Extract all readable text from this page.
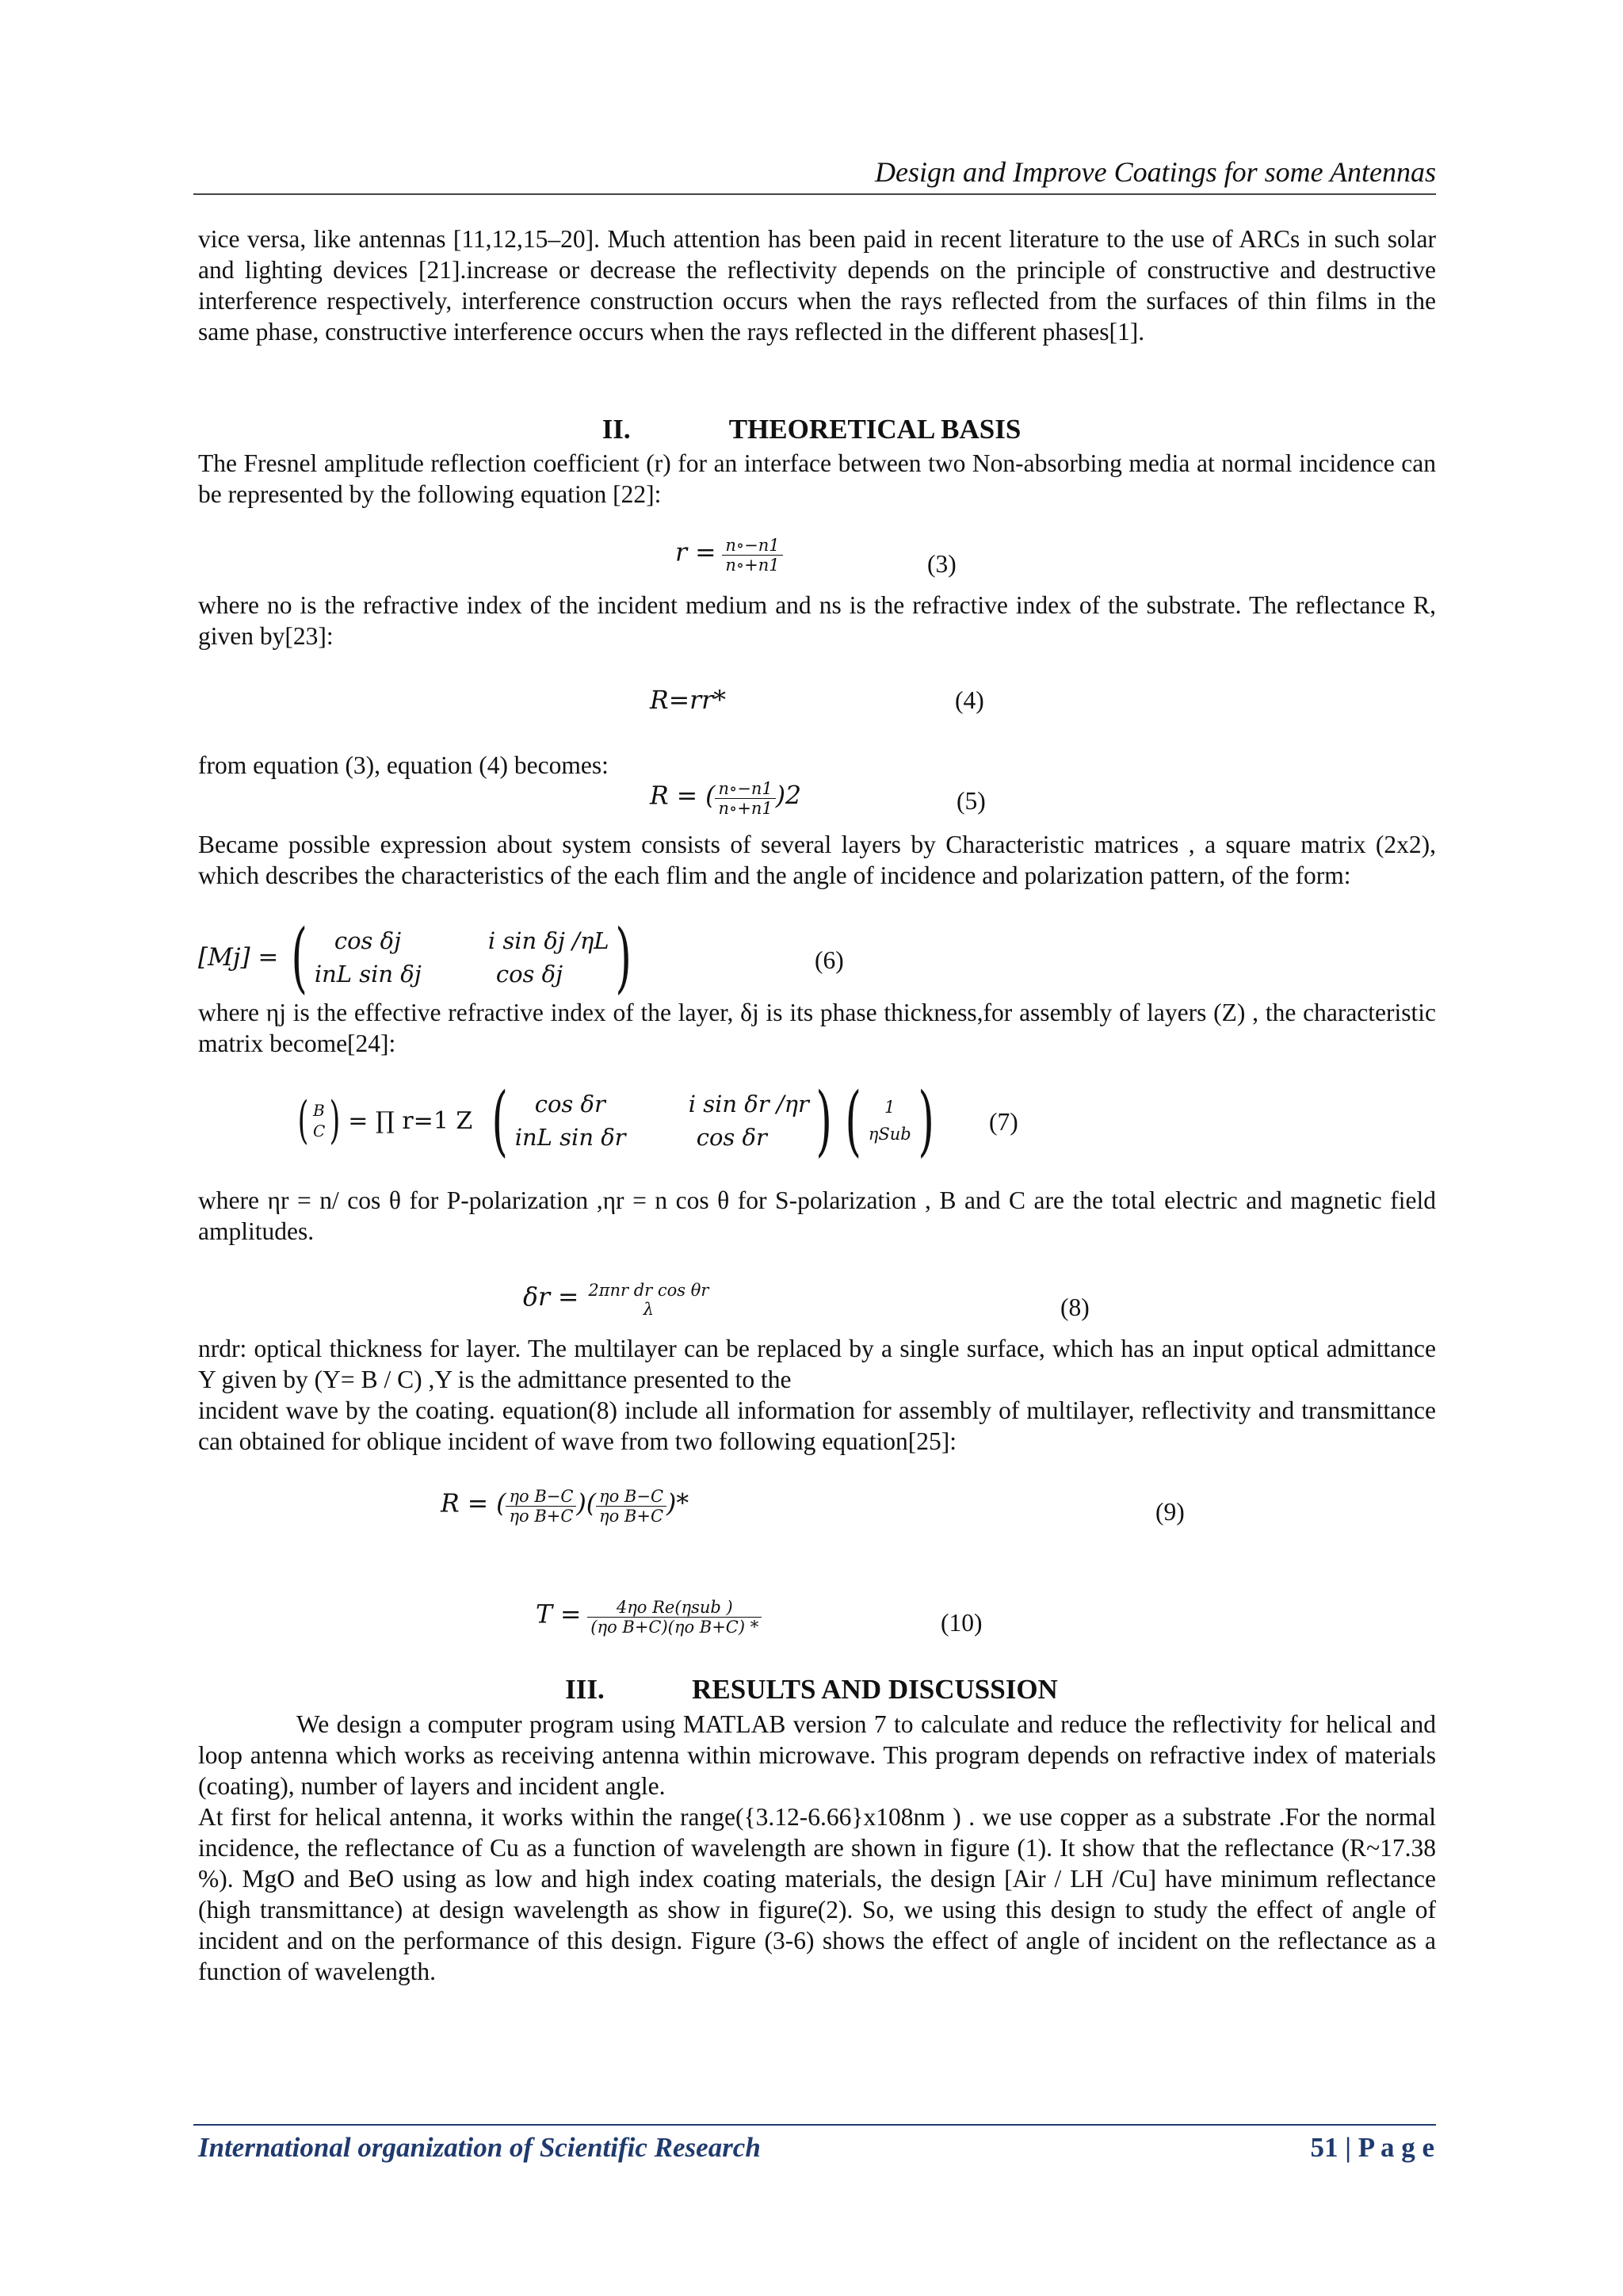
Design and Improve Coatings for some Antennas

vice versa, like antennas [11,12,15–20]. Much attention has been paid in recent literature to the use of ARCs in such solar and lighting devices [21].increase or decrease the reflectivity depends on the principle of constructive and destructive interference respectively, interference construction occurs when the rays reflected from the surfaces of thin films in the same phase, constructive interference occurs when the rays reflected in the different phases[1].

II.	THEORETICAL BASIS

The Fresnel amplitude reflection coefficient (r) for an interface between two Non-absorbing media at normal incidence can be represented by the following equation [22]:

$r = \frac{n\circ-n1}{n\circ+n1}$	(3)

where no is the refractive index of the incident medium and ns is the refractive index of the substrate. The reflectance R, given by[23]:

R=rr*	(4)

from equation (3), equation (4) becomes:

R = ( $\frac{n\circ-n1}{n\circ+n1} )2$	(5)

Became possible expression about system consists of several layers by Characteristic matrices , a square matrix (2x2), which describes the characteristics of the each flim and the angle of incidence and polarization pattern, of the form:

[Mj] = (	cos δj	i sin δj /ηL
inL sin δj	cos δj )	(6)

where ηj is the effective refractive index of the layer, δj is its phase thickness,for assembly of layers (Z) , the characteristic matrix become[24]:

( B
C ) = ∏ r=1 Z (	cos δr	i sin δr /ηr
inL sin δr	cos δr ) (	1
ηSub ) (7)

where ηr = n/ cos θ for P-polarization ,ηr = n cos θ for S-polarization , B and C are the total electric and magnetic field amplitudes.

δr = 2πnr dr cos θr
λ	(8)

nrdr: optical thickness for layer. The multilayer can be replaced by a single surface, which has an input optical admittance Y given by (Y= B / C) ,Y is the admittance presented to the

incident wave by the coating. equation(8) include all information for assembly of multilayer, reflectivity and transmittance can obtained for oblique incident of wave from two following equation[25]:

R = ( $\frac{\text{ηo B−C}}{\text{ηo B+C}}$ )( $\frac{\text{ηo B−C}}{\text{ηo B+C}}$ )*	(9)
$T = \frac{\text{4ηo Re(ηsub )}}{\text{(ηo B+C)(ηo B+C) *}}$	(10)
III.	RESULTS AND DISCUSSION

We design a computer program using MATLAB version 7 to calculate and reduce the reflectivity for helical and loop antenna which works as receiving antenna within microwave. This program depends on refractive index of materials (coating), number of layers and incident angle.

At first for helical antenna, it works within the range({3.12-6.66}x108nm ) . we use copper as a substrate .For the normal incidence, the reflectance of Cu as a function of wavelength are shown in figure (1). It show that the reflectance (R~17.38 %). MgO and BeO using as low and high index coating materials, the design [Air / LH /Cu] have minimum reflectance (high transmittance) at design wavelength as show in figure(2). So, we using this design to study the effect of angle of incident and on the performance of this design. Figure (3-6) shows the effect of angle of incident on the reflectance as a function of wavelength.

International organization of Scientific Research	51 | P a g e
